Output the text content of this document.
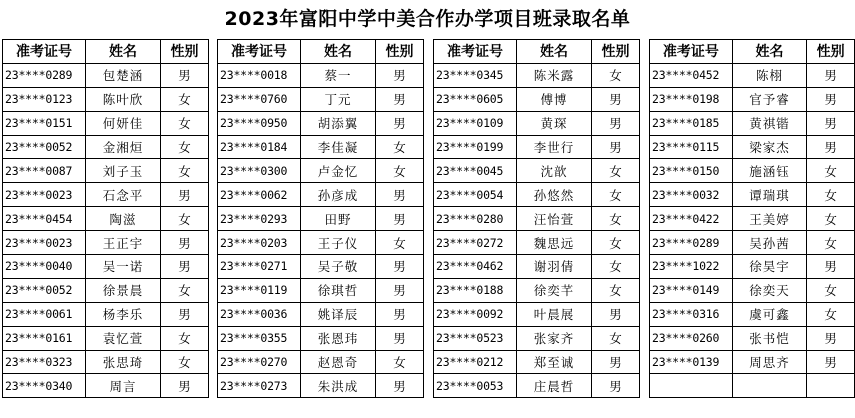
2023年富阳中学中美合作办学项目班录取名单
准考证号	姓名	性别
23****0289	包楚涵	男
23****0123	陈叶欣	女
23****0151	何妍佳	女
23****0052	金湘烜	女
23****0087	刘子玉	女
23****0023	石念平	男
23****0454	陶滋	女
23****0023	王正宇	男
23****0040	吴一诺	男
23****0052	徐景晨	女
23****0061	杨李乐	男
23****0161	袁忆萱	女
23****0323	张思琦	女
23****0340	周言	男
准考证号	姓名	性别
23****0018	蔡一	男
23****0760	丁元	男
23****0950	胡添翼	男
23****0184	李佳凝	女
23****0300	卢金忆	女
23****0062	孙彦成	男
23****0293	田野	男
23****0203	王子仪	女
23****0271	吴子敬	男
23****0119	徐琪哲	男
23****0036	姚译辰	男
23****0355	张恩玮	男
23****0270	赵恩奇	女
23****0273	朱洪成	男
准考证号	姓名	性别
23****0345	陈米露	女
23****0605	傅博	男
23****0109	黄琛	男
23****0199	李世行	男
23****0045	沈歆	女
23****0054	孙悠然	女
23****0280	汪怡萱	女
23****0272	魏思远	女
23****0462	谢羽倩	女
23****0188	徐奕芊	女
23****0092	叶晨展	男
23****0523	张家齐	女
23****0212	郑至诚	男
23****0053	庄晨哲	男
准考证号	姓名	性别
23****0452	陈栩	男
23****0198	官予睿	男
23****0185	黄祺锴	男
23****0115	梁家杰	男
23****0150	施涵钰	女
23****0032	谭瑞琪	女
23****0422	王美婷	女
23****0289	吴孙茜	女
23****1022	徐昊宇	男
23****0149	徐奕天	女
23****0316	虞可鑫	女
23****0260	张书恺	男
23****0139	周思齐	男
